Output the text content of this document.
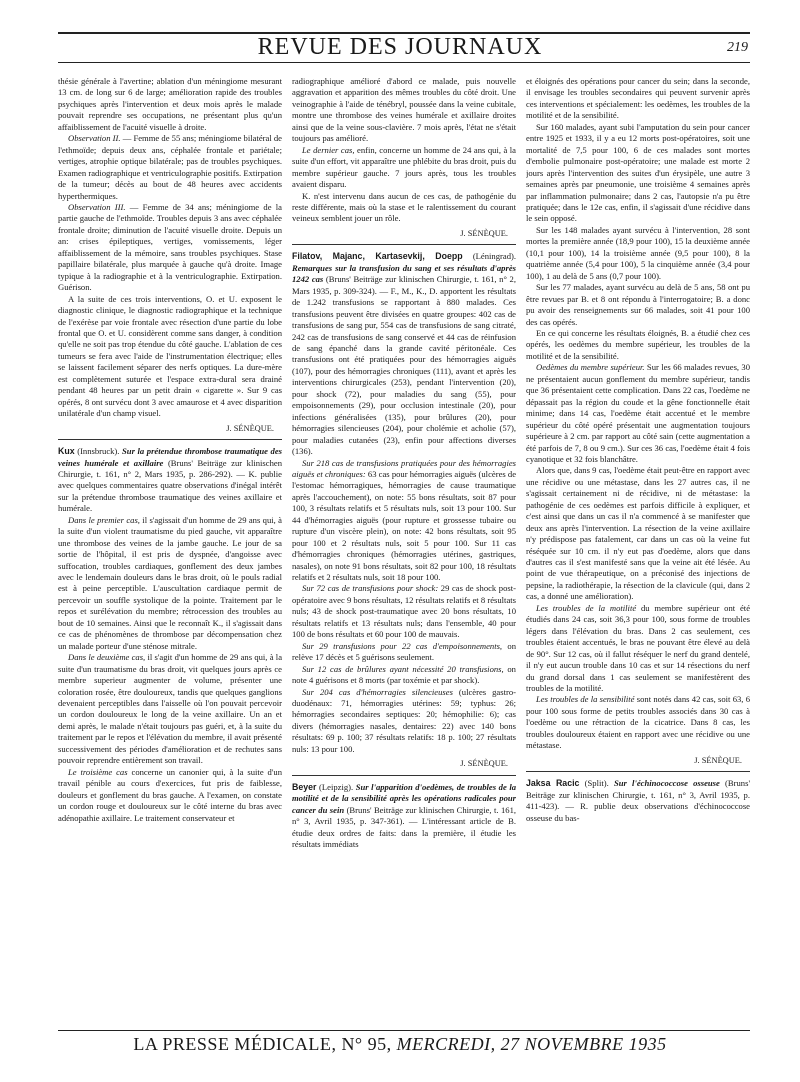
REVUE DES JOURNAUX	219

thésie générale à l'avertine; ablation d'un méningiome mesurant 13 cm. de long sur 6 de large; amélioration rapide des troubles psychiques après l'intervention et deux mois après le malade pouvait reprendre ses occupations, ne présentant plus qu'un affaiblissement de l'acuité visuelle à droite.

Observation II. — Femme de 55 ans; méningiome bilatéral de l'ethmoïde; depuis deux ans, céphalée frontale et pariétale; vertiges, atrophie optique bilatérale; pas de troubles psychiques. Examen radiographique et ventriculographie positifs. Extirpation de la tumeur; décès au bout de 48 heures avec accidents hyperthermiques.

Observation III. — Femme de 34 ans; méningiome de la partie gauche de l'ethmoïde. Troubles depuis 3 ans avec céphalée frontale droite; diminution de l'acuité visuelle droite. Depuis un an: crises épileptiques, vertiges, vomissements, léger affaiblissement de la mémoire, sans troubles psychiques. Stase papillaire bilatérale, plus marquée à gauche qu'à droite. Image typique à la radiographie et à la ventriculographie. Extirpation. Guérison.

A la suite de ces trois interventions, O. et U. exposent le diagnostic clinique, le diagnostic radiographique et la technique de l'exérèse par voie frontale avec résection d'une partie du lobe frontal que O. et U. considèrent comme sans danger, à condition qu'elle ne soit pas trop étendue du côté gauche. L'ablation de ces tumeurs se fera avec l'aide de l'instrumentation électrique; elles se laissent facilement séparer des nerfs optiques. La dure-mère est complètement suturée et l'espace extra-dural sera drainé pendant 48 heures par un petit drain « cigarette ». Sur 9 cas opérés, 8 ont survécu dont 3 avec amaurose et 4 avec disparition unilatérale d'un champ visuel.

J. SÉNÈQUE.

Kux (Innsbruck). Sur la prétendue thrombose traumatique des veines humérale et axillaire (Bruns' Beiträge zur klinischen Chirurgie, t. 161, n° 2, Mars 1935, p. 286-292). — K. publie avec quelques commentaires quatre observations d'inégal intérêt sur la prétendue thrombose traumatique des veines axillaire et humérale.

Dans le premier cas, il s'agissait d'un homme de 29 ans qui, à la suite d'un violent traumatisme du pied gauche, vit apparaître une thrombose des veines de la jambe gauche. Le jour de sa sortie de l'hôpital, il est pris de dyspnée, d'angoisse avec suffocation, troubles cardiaques, gonflement des deux jambes avec le lendemain douleurs dans le bras droit, où le pouls radial est à peine perceptible. L'auscultation cardiaque permit de percevoir un souffle systolique de la pointe. Traitement par le repos et surélévation du membre; rétrocession des troubles au bout de 10 semaines. Ainsi que le reconnaît K., il s'agissait dans ce cas de phénomènes de thrombose par décompensation chez un malade porteur d'une sténose mitrale.

Dans le deuxième cas, il s'agit d'un homme de 29 ans qui, à la suite d'un traumatisme du bras droit, vit quelques jours après ce membre superieur augmenter de volume, présenter une coloration rosée, être douloureux, tandis que quelques ganglions devenaient perceptibles dans l'aisselle où l'on pouvait percevoir un cordon douloureux le long de la veine axillaire. Un an et demi après, le malade n'était toujours pas guéri, et, à la suite du traitement par le repos et l'élévation du membre, il avait présenté successivement des périodes d'amélioration et de rechutes sans pouvoir reprendre entièrement son travail.

Le troisième cas concerne un canonier qui, à la suite d'un travail pénible au cours d'exercices, fut pris de faiblesse, douleurs et gonflement du bras gauche. A l'examen, on constate un cordon rouge et douloureux sur le côté interne du bras avec adénopathie axillaire. Le traitement conservateur et

radiographique amélioré d'abord ce malade, puis nouvelle aggravation et apparition des mêmes troubles du côté droit. Une veinographie à l'aide de ténébryl, poussée dans la veine cubitale, montre une thrombose des veines humérale et axillaire droites ainsi que de la veine sous-clavière. 7 mois après, l'état ne s'était toujours pas amélioré.

Le dernier cas, enfin, concerne un homme de 24 ans qui, à la suite d'un effort, vit apparaître une phlébite du bras droit, puis du membre supérieur gauche. 7 jours après, tous les troubles avaient disparu.

K. n'est intervenu dans aucun de ces cas, de pathogénie du reste différente, mais où la stase et le ralentissement du courant veineux semblent jouer un rôle.

J. SÉNÈQUE.

Filatov, Majanc, Kartasevkij, Doepp (Léningrad). Remarques sur la transfusion du sang et ses résultats d'après 1242 cas (Bruns' Beiträge zur klinischen Chirurgie, t. 161, n° 2, Mars 1935, p. 309-324). — F., M., K., D. apportent les résultats de 1.242 transfusions se rapportant à 880 malades. Ces transfusions peuvent être divisées en quatre groupes: 402 cas de transfusions de sang pur, 554 cas de transfusions de sang citraté, 242 cas de transfusions de sang conservé et 44 cas de réinfusion de sang épanché dans la grande cavité péritonéale. Ces transfusions ont été pratiquées pour des hémorragies aiguës (107), pour des hémorragies chroniques (111), avant et après les interventions chirurgicales (253), pendant l'intervention (20), pour shock (72), pour maladies du sang (55), pour empoisonnements (29), pour occlusion intestinale (20), pour infections généralisées (135), pour brûlures (20), pour hémorragies silencieuses (204), pour cholémie et acholie (57), pour maladies cutanées (23), enfin pour affections diverses (136).

Sur 218 cas de transfusions pratiquées pour des hémorragies aiguës et chroniques: 63 cas pour hémorragies aiguës (ulcères de l'estomac hémorragiques, hémorragies de cause traumatique après l'accouchement), on note: 55 bons résultats, soit 87 pour 100, 3 résultats relatifs et 5 résultats nuls, soit 13 pour 100. Sur 44 d'hémorragies aiguës (pour rupture et grossesse tubaire ou rupture d'un viscère plein), on note: 42 bons résultats, soit 95 pour 100 et 2 résultats nuls, soit 5 pour 100. Sur 11 cas d'hémorragies chroniques (hémorragies utérines, gastriques, nasales), on note 91 bons résultats, soit 82 pour 100, 18 résultats relatifs et 2 résultats nuls, soit 18 pour 100.

Sur 72 cas de transfusions pour shock: 29 cas de shock post-opératoire avec 9 bons résultats, 12 résultats relatifs et 8 résultats nuls; 43 de shock post-traumatique avec 20 bons résultats, 10 résultats relatifs et 13 résultats nuls; dans l'ensemble, 40 pour 100 de bons résultats et 60 pour 100 de mauvais.

Sur 29 transfusions pour 22 cas d'empoisonnements, on relève 17 décès et 5 guérisons seulement.

Sur 12 cas de brûlures ayant nécessité 20 transfusions, on note 4 guérisons et 8 morts (par toxémie et par shock).

Sur 204 cas d'hémorragies silencieuses (ulcères gastro-duodénaux: 71, hémorragies utérines: 59; typhus: 26; hémorragies secondaires septiques: 20; hémophilie: 6); cas divers (hémorragies nasales, dentaires: 22) avec 140 bons résultats: 69 p. 100; 37 résultats relatifs: 18 p. 100; 27 résultats nuls: 13 pour 100.

J. SÉNÈQUE.

Beyer (Leipzig). Sur l'apparition d'oedèmes, de troubles de la motilité et de la sensibilité après les opérations radicales pour cancer du sein (Bruns' Beiträge zur klinischen Chirurgie, t. 161, n° 3, Avril 1935, p. 347-361). — L'intéressant article de B. étudie deux ordres de faits: dans la première, il étudie les résultats immédiats

et éloignés des opérations pour cancer du sein; dans la seconde, il envisage les troubles secondaires qui peuvent survenir après ces interventions et spécialement: les oedèmes, les troubles de la motilité et de la sensibilité.

Sur 160 malades, ayant subi l'amputation du sein pour cancer entre 1925 et 1933, il y a eu 12 morts post-opératoires, soit une mortalité de 7,5 pour 100, 6 de ces malades sont mortes d'embolie pulmonaire post-opératoire; une malade est morte 2 jours après l'intervention des suites d'un érysipèle, une autre 3 semaines après par pneumonie, une troisième 4 semaines après par inflammation pulmonaire; dans 2 cas, l'autopsie n'a pu être pratiquée; dans le 12e cas, enfin, il s'agissait d'une récidive dans le sein opposé.

Sur les 148 malades ayant survécu à l'intervention, 28 sont mortes la première année (18,9 pour 100), 15 la deuxième année (10,1 pour 100), 14 la troisième année (9,5 pour 100), 8 la quatrième année (5,4 pour 100), 5 la cinquième année (3,4 pour 100), 1 au delà de 5 ans (0,7 pour 100).

Sur les 77 malades, ayant survécu au delà de 5 ans, 58 ont pu être revues par B. et 8 ont répondu à l'interrogatoire; B. a donc pu avoir des renseignements sur 66 malades, soit 41 pour 100 des cas opérés.

En ce qui concerne les résultats éloignés, B. a étudié chez ces opérés, les oedèmes du membre supérieur, les troubles de la motilité et de la sensibilité.

Oedèmes du membre supérieur. Sur les 66 malades revues, 30 ne présentaient aucun gonflement du membre supérieur, tandis que 36 présentaient cette complication. Dans 22 cas, l'oedème ne dépassait pas la région du coude et la gêne fonctionnelle était minime; dans 14 cas, l'oedème était accentué et le membre supérieur du côté opéré présentait une augmentation toujours supérieure à 2 cm. par rapport au côté sain (cette augmentation a été parfois de 7, 8 ou 9 cm.). Sur ces 36 cas, l'oedème était 4 fois cyanotique et 32 fois blanchâtre.

Alors que, dans 9 cas, l'oedème était peut-être en rapport avec une récidive ou une métastase, dans les 27 autres cas, il ne s'agissait certainement ni de récidive, ni de métastase: la pathogénie de ces oedèmes est parfois difficile à expliquer, et c'est ainsi que dans un cas il n'a commencé à se manifester que deux ans après l'intervention. La résection de la veine axillaire n'y prédispose pas fatalement, car dans un cas où la veine fut réséquée sur 10 cm. il n'y eut pas d'oedème, alors que dans d'autres cas il s'est manifesté sans que la veine ait été lésée. Au point de vue thérapeutique, on a préconisé des injections de pepsine, la radiothérapie, la résection de la clavicule (qui, dans 2 cas, a donné une amélioration).

Les troubles de la motilité du membre supérieur ont été étudiés dans 24 cas, soit 36,3 pour 100, sous forme de troubles légers dans l'élévation du bras. Dans 2 cas seulement, ces troubles étaient accentués, le bras ne pouvant être élevé au delà de 90°. Sur 12 cas, où il fallut réséquer le nerf du grand dentelé, il n'y eut aucun trouble dans 10 cas et sur 14 résections du nerf du grand dorsal dans 1 cas seulement se manifestèrent des troubles de la motilité.

Les troubles de la sensibilité sont notés dans 42 cas, soit 63, 6 pour 100 sous forme de petits troubles associés dans 30 cas à l'oedème ou une rétraction de la cicatrice. Dans 8 cas, les troubles douloureux étaient en rapport avec une récidive ou une métastase.

J. SÉNÈQUE.

Jaksa Racic (Split). Sur l'échinococcose osseuse (Bruns' Beiträge zur klinischen Chirurgie, t. 161, n° 3, Avril 1935, p. 411-423). — R. publie deux observations d'échinococcose osseuse du bas-

LA PRESSE MÉDICALE, N° 95, MERCREDI, 27 NOVEMBRE 1935
